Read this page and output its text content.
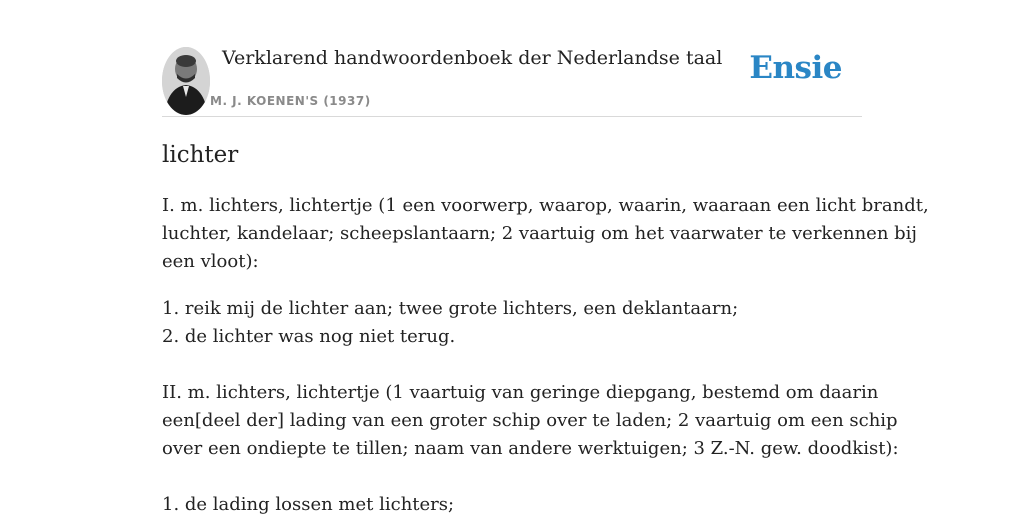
Verklarend handwoordenboek der Nederlandse taal
M. J. KOENEN'S (1937)
Ensie
lichter

I. m. lichters, lichtertje (1 een voorwerp, waarop, waarin, waaraan een licht brandt,
luchter, kandelaar; scheepslantaarn; 2 vaartuig om het vaarwater te verkennen bij
een vloot):

1. reik mij de lichter aan; twee grote lichters, een deklantaarn;
2. de lichter was nog niet terug.

II. m. lichters, lichtertje (1 vaartuig van geringe diepgang, bestemd om daarin
een[deel der] lading van een groter schip over te laden; 2 vaartuig om een schip
over een ondiepte te tillen; naam van andere werktuigen; 3 Z.-N. gew. doodkist):

1. de lading lossen met lichters;
